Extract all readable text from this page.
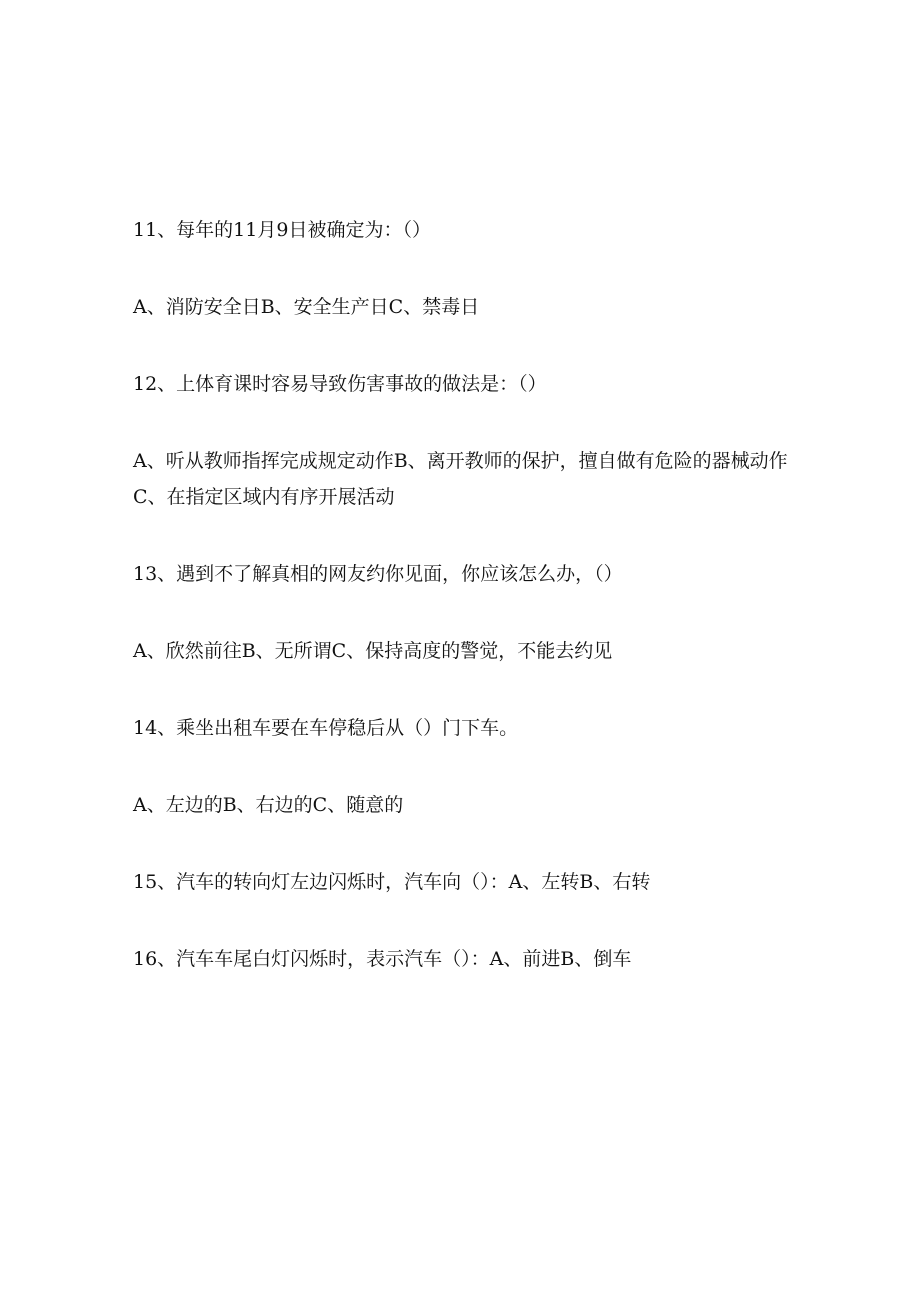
11、每年的11月9日被确定为：（）

A、消防安全日B、安全生产日C、禁毒日

12、上体育课时容易导致伤害事故的做法是：（）

A、听从教师指挥完成规定动作B、离开教师的保护，擅自做有危险的器械动作C、在指定区域内有序开展活动

13、遇到不了解真相的网友约你见面，你应该怎么办，（）

A、欣然前往B、无所谓C、保持高度的警觉，不能去约见

14、乘坐出租车要在车停稳后从（）门下车。

A、左边的B、右边的C、随意的

15、汽车的转向灯左边闪烁时，汽车向（）：A、左转B、右转

16、汽车车尾白灯闪烁时，表示汽车（）：A、前进B、倒车
